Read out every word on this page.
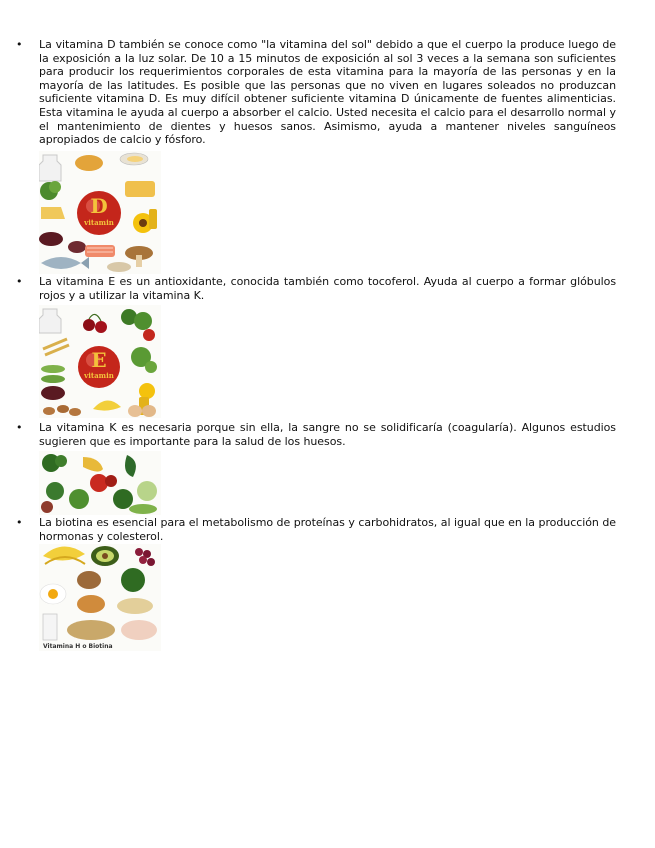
• La vitamina D también se conoce como "la vitamina del sol" debido a que el cuerpo la produce luego de la exposición a la luz solar. De 10 a 15 minutos de exposición al sol 3 veces a la semana son suficientes para producir los requerimientos corporales de esta vitamina para la mayoría de las personas y en la mayoría de las latitudes. Es posible que las personas que no viven en lugares soleados no produzcan suficiente vitamina D. Es muy difícil obtener suficiente vitamina D únicamente de fuentes alimenticias. Esta vitamina le ayuda al cuerpo a absorber el calcio. Usted necesita el calcio para el desarrollo normal y el mantenimiento de dientes y huesos sanos. Asimismo, ayuda a mantener niveles sanguíneos apropiados de calcio y fósforo.

D
vitamin
• La vitamina E es un antioxidante, conocida también como tocoferol. Ayuda al cuerpo a formar glóbulos rojos y a utilizar la vitamina K.

E
vitamin
• La vitamina K es necesaria porque sin ella, la sangre no se solidificaría (coagularía). Algunos estudios sugieren que es importante para la salud de los huesos.

• La biotina es esencial para el metabolismo de proteínas y carbohidratos, al igual que en la producción de hormonas y colesterol.

Vitamina H o Biotina
